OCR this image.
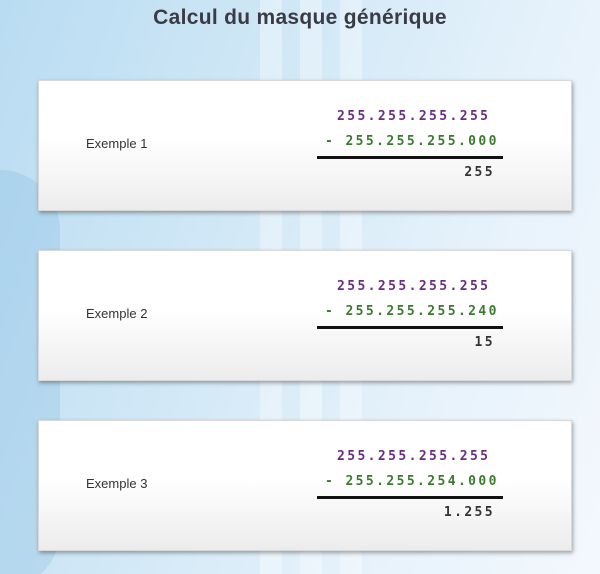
Calcul du masque générique
Exemple 1
255.255.255.255
- 255.255.255.000
255
Exemple 2
255.255.255.255
- 255.255.255.240
15
Exemple 3
255.255.255.255
- 255.255.254.000
1.255
